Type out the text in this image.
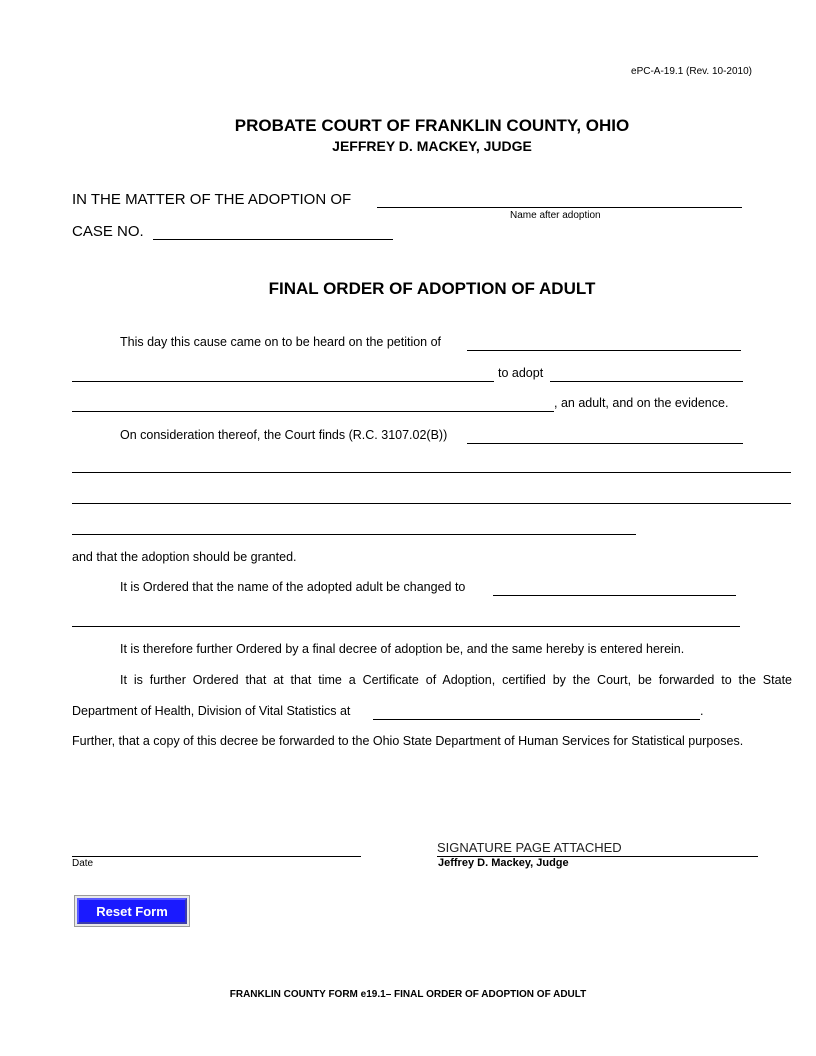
ePC-A-19.1 (Rev. 10-2010)
PROBATE COURT OF FRANKLIN COUNTY, OHIO
JEFFREY D. MACKEY, JUDGE
IN THE MATTER OF THE ADOPTION OF
Name after adoption
CASE NO.
FINAL ORDER OF ADOPTION OF ADULT
This day this cause came on to be heard on the petition of
to adopt
, an adult, and on the evidence.
On consideration thereof, the Court finds (R.C. 3107.02(B))
and that the adoption should be granted.
It is Ordered that the name of the adopted adult be changed to
It is therefore further Ordered by a final decree of adoption be, and the same hereby is entered herein.
It is further Ordered that at that time a Certificate of Adoption, certified by the Court, be forwarded to the State
Department of Health, Division of Vital Statistics at	.
Further, that a copy of this decree be forwarded to the Ohio State Department of Human Services for Statistical purposes.
Date
SIGNATURE PAGE ATTACHED
Jeffrey D. Mackey, Judge
Reset Form
FRANKLIN COUNTY FORM e19.1– FINAL ORDER OF ADOPTION OF ADULT
